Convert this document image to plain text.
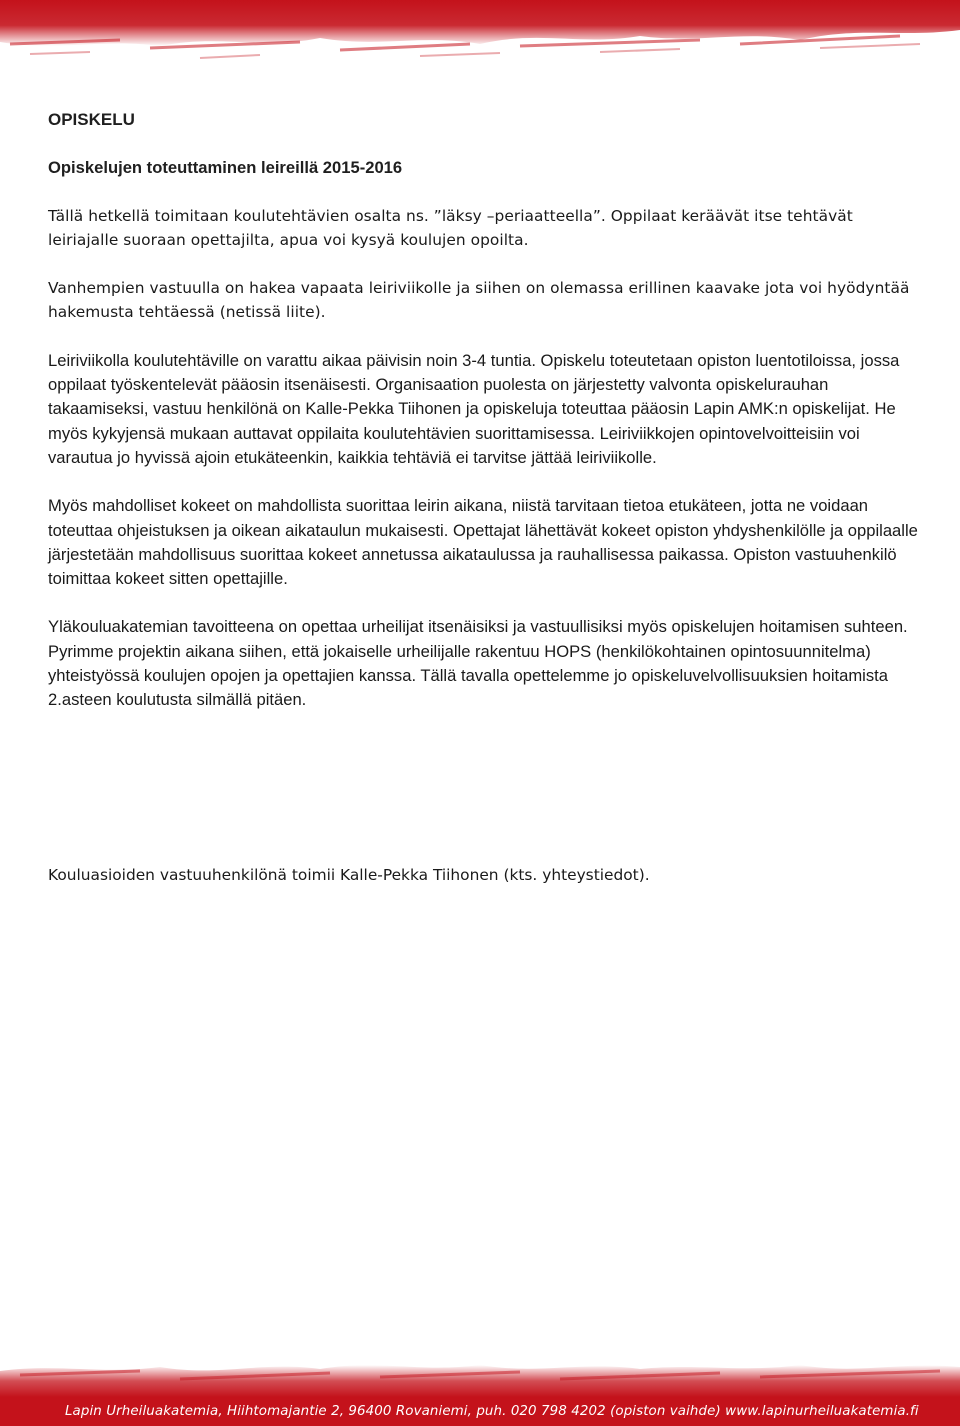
OPISKELU
Opiskelujen toteuttaminen leireillä 2015-2016

Tällä hetkellä toimitaan koulutehtävien osalta ns. ”läksy –periaatteella”. Oppilaat keräävät itse tehtävät leiriajalle suoraan opettajilta, apua voi kysyä koulujen opoilta.

Vanhempien vastuulla on hakea vapaata leiriviikolle ja siihen on olemassa erillinen kaavake jota voi hyödyntää hakemusta tehtäessä (netissä liite).

Leiriviikolla koulutehtäville on varattu aikaa päivisin noin 3-4 tuntia. Opiskelu toteutetaan opiston luentotiloissa, jossa oppilaat työskentelevät pääosin itsenäisesti. Organisaation puolesta on järjestetty valvonta opiskelurauhan takaamiseksi, vastuu henkilönä on Kalle-Pekka Tiihonen ja opiskeluja toteuttaa pääosin Lapin AMK:n opiskelijat. He myös kykyjensä mukaan auttavat oppilaita koulutehtävien suorittamisessa. Leiriviikkojen opintovelvoitteisiin voi varautua jo hyvissä ajoin etukäteenkin, kaikkia tehtäviä ei tarvitse jättää leiriviikolle.

Myös mahdolliset kokeet on mahdollista suorittaa leirin aikana, niistä tarvitaan tietoa etukäteen, jotta ne voidaan toteuttaa ohjeistuksen ja oikean aikataulun mukaisesti. Opettajat lähettävät kokeet opiston yhdyshenkilölle ja oppilaalle järjestetään mahdollisuus suorittaa kokeet annetussa aikataulussa ja rauhallisessa paikassa. Opiston vastuuhenkilö toimittaa kokeet sitten opettajille.

Yläkouluakatemian tavoitteena on opettaa urheilijat itsenäisiksi ja vastuullisiksi myös opiskelujen hoitamisen suhteen. Pyrimme projektin aikana siihen, että jokaiselle urheilijalle rakentuu HOPS (henkilökohtainen opintosuunnitelma) yhteistyössä koulujen opojen ja opettajien kanssa. Tällä tavalla opettelemme jo opiskeluvelvollisuuksien hoitamista 2.asteen koulutusta silmällä pitäen.

Kouluasioiden vastuuhenkilönä toimii Kalle-Pekka Tiihonen (kts. yhteystiedot).

Lapin Urheiluakatemia, Hiihtomajantie 2, 96400 Rovaniemi, puh. 020 798 4202 (opiston vaihde) www.lapinurheiluakatemia.fi
